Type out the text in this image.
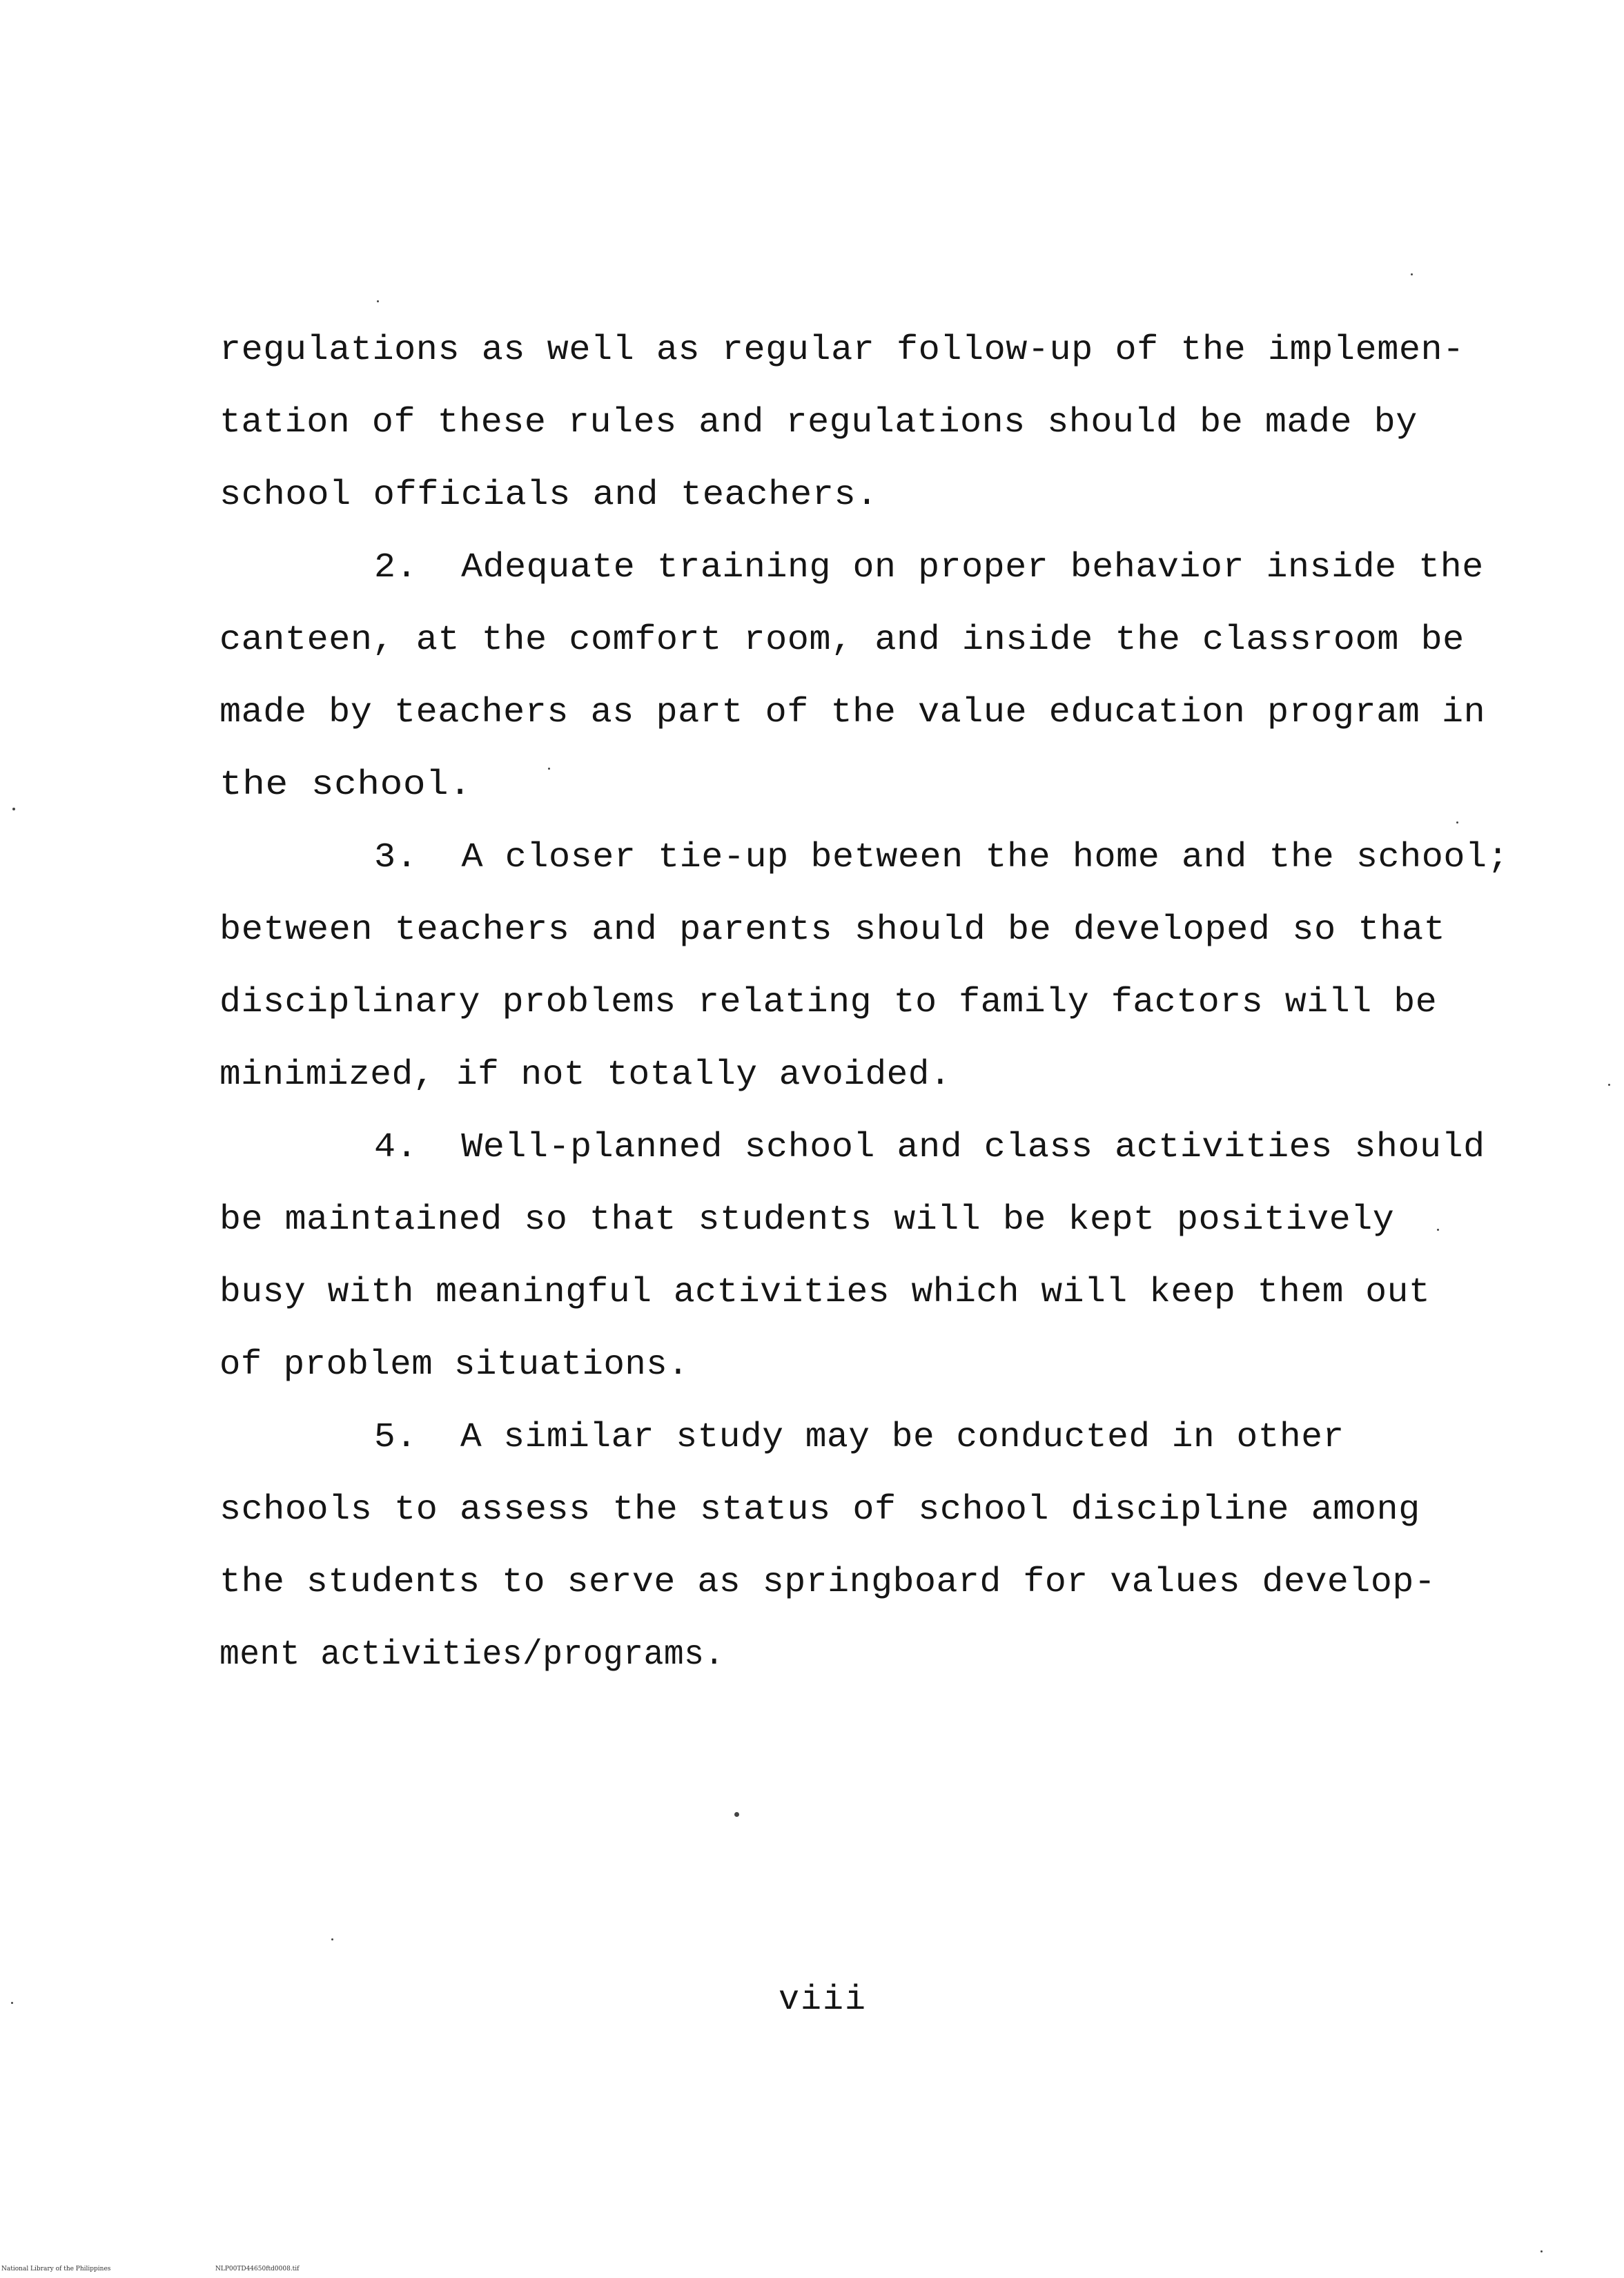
regulations as well as regular follow-up of the implemen-

tation of these rules and regulations should be made by

school officials and teachers.

2.  Adequate training on proper behavior inside the

canteen, at the comfort room, and inside the classroom be

made by teachers as part of the value education program in

the school.

3.  A closer tie-up between the home and the school;

between teachers and parents should be developed so that

disciplinary problems relating to family factors will be

minimized, if not totally avoided.

4.  Well-planned school and class activities should

be maintained so that students will be kept positively

busy with meaningful activities which will keep them out

of problem situations.

5.  A similar study may be conducted in other

schools to assess the status of school discipline among

the students to serve as springboard for values develop-

ment activities/programs.

viii

National Library of the Philippines	NLP00TD44650ftd0008.tif
